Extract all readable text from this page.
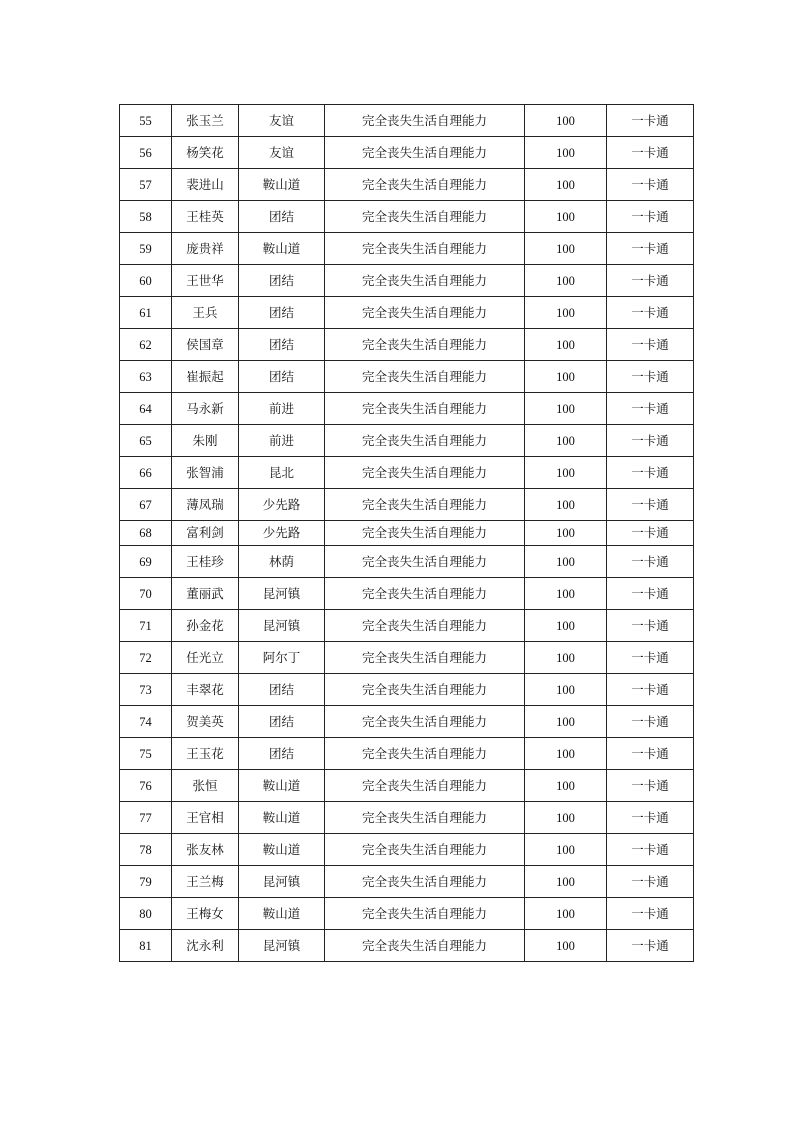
55	张玉兰	友谊	完全丧失生活自理能力	100	一卡通
56	杨笑花	友谊	完全丧失生活自理能力	100	一卡通
57	裴进山	鞍山道	完全丧失生活自理能力	100	一卡通
58	王桂英	团结	完全丧失生活自理能力	100	一卡通
59	庞贵祥	鞍山道	完全丧失生活自理能力	100	一卡通
60	王世华	团结	完全丧失生活自理能力	100	一卡通
61	王兵	团结	完全丧失生活自理能力	100	一卡通
62	侯国章	团结	完全丧失生活自理能力	100	一卡通
63	崔振起	团结	完全丧失生活自理能力	100	一卡通
64	马永新	前进	完全丧失生活自理能力	100	一卡通
65	朱刚	前进	完全丧失生活自理能力	100	一卡通
66	张智浦	昆北	完全丧失生活自理能力	100	一卡通
67	薄凤瑞	少先路	完全丧失生活自理能力	100	一卡通
68	富利剑	少先路	完全丧失生活自理能力	100	一卡通
69	王桂珍	林荫	完全丧失生活自理能力	100	一卡通
70	董丽武	昆河镇	完全丧失生活自理能力	100	一卡通
71	孙金花	昆河镇	完全丧失生活自理能力	100	一卡通
72	任光立	阿尔丁	完全丧失生活自理能力	100	一卡通
73	丰翠花	团结	完全丧失生活自理能力	100	一卡通
74	贺美英	团结	完全丧失生活自理能力	100	一卡通
75	王玉花	团结	完全丧失生活自理能力	100	一卡通
76	张恒	鞍山道	完全丧失生活自理能力	100	一卡通
77	王官相	鞍山道	完全丧失生活自理能力	100	一卡通
78	张友林	鞍山道	完全丧失生活自理能力	100	一卡通
79	王兰梅	昆河镇	完全丧失生活自理能力	100	一卡通
80	王梅女	鞍山道	完全丧失生活自理能力	100	一卡通
81	沈永利	昆河镇	完全丧失生活自理能力	100	一卡通
